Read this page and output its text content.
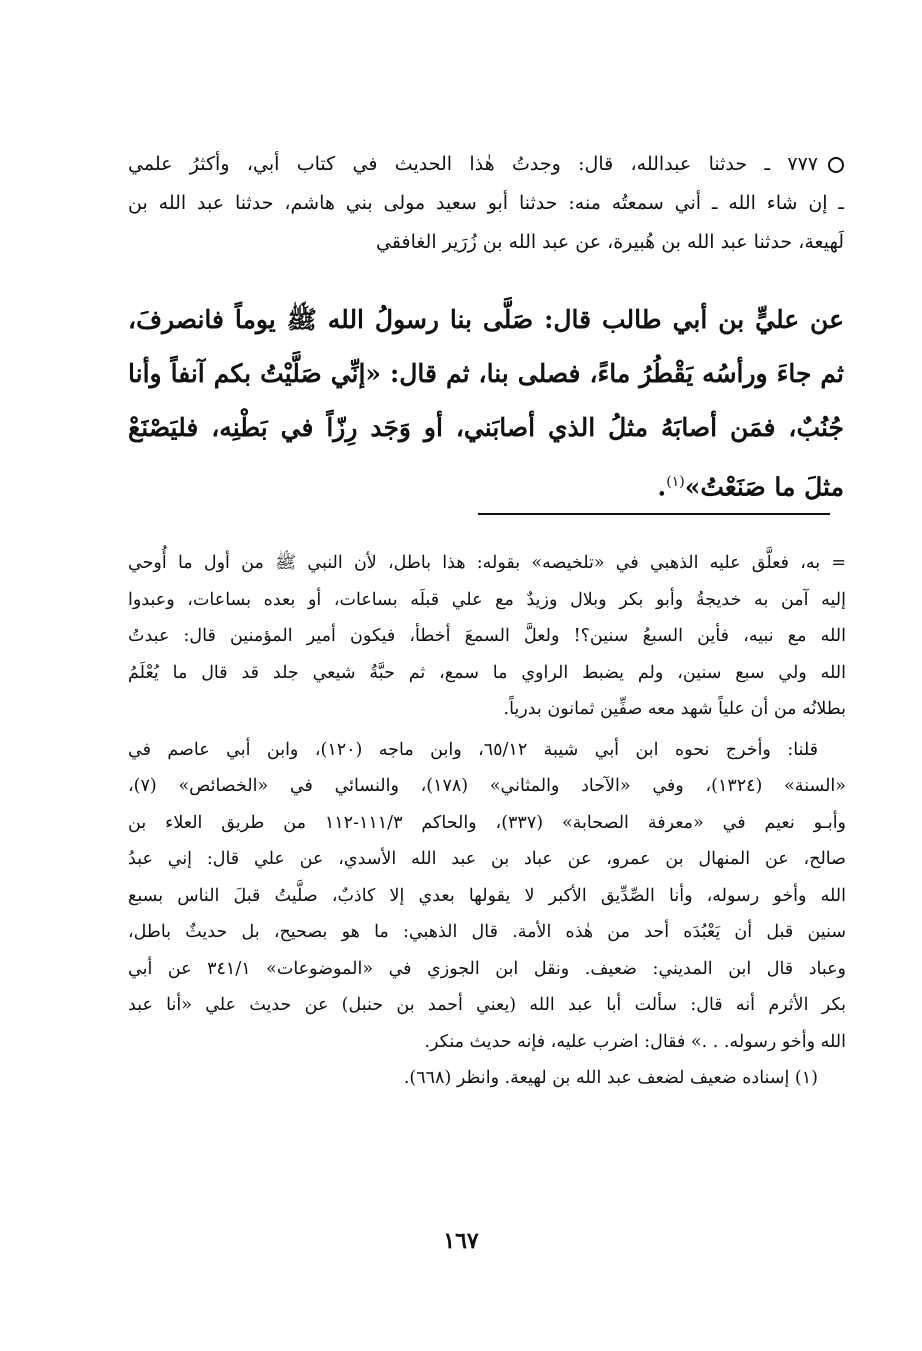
٧٧٧ ـ حدثنا عبدالله، قال: وجدتُ هٰذا الحديث في كتاب أبي، وأكثرُ علمي
ـ إن شاء الله ـ أني سمعتُه منه: حدثنا أبو سعيد مولى بني هاشم، حدثنا عبد الله بن
لَهيعة، حدثنا عبد الله بن هُبيرة، عن عبد الله بن زُرَير الغافقي
عن عليٍّ بن أبي طالب قال: صَلَّى بنا رسولُ الله ﷺ يوماً فانصرفَ،
ثم جاءَ ورأسُه يَقْطُرُ ماءً، فصلى بنا، ثم قال: «إنِّي صَلَّيْتُ بكم آنفاً وأنا
جُنُبٌ، فمَن أصابَهُ مثلُ الذي أصابَني، أو وَجَد رِزّاً في بَطْنِه، فليَصْنَعْ
مثلَ ما صَنَعْتُ»$^{(١)}$.
= به، فعلَّق عليه الذهبي في «تلخيصه» بقوله: هذا باطل، لأن النبي ﷺ من أول ما أُوحي
إليه آمن به خديجةُ وأبو بكر وبلال وزيدٌ مع علي قبلَه بساعات، أو بعده بساعات، وعبدوا
الله مع نبيه، فأين السبعُ سنين؟! ولعلَّ السمعَ أخطأ، فيكون أمير المؤمنين قال: عبدتُ
الله ولي سبع سنين، ولم يضبط الراوي ما سمع، ثم حبَّةُ شيعي جلد قد قال ما يُعْلَمُ
بطلانُه من أن علياً شهد معه صفِّين ثمانون بدرياً.
قلنا: وأخرج نحوه ابن أبي شيبة ٦٥/١٢، وابن ماجه (١٢٠)، وابن أبي عاصم في
«السنة» (١٣٢٤)، وفي «الآحاد والمثاني» (١٧٨)، والنسائي في «الخصائص» (٧)،
وأبـو نعيم في «معرفة الصحابة» (٣٣٧)، والحاكم ١١١/٣-١١٢ من طريق العلاء بن
صالح، عن المنهال بن عمرو، عن عباد بن عبد الله الأسدي، عن علي قال: إني عبدُ
الله وأخو رسوله، وأنا الصِّدِّيق الأكبر لا يقولها بعدي إلا كاذبٌ، صلَّيتُ قبلَ الناس بسبع
سنين قبل أن يَعْبُدَه أحد من هٰذه الأمة. قال الذهبي: ما هو بصحيح، بل حديثٌ باطل،
وعباد قال ابن المديني: ضعيف. ونقل ابن الجوزي في «الموضوعات» ٣٤١/١ عن أبي
بكر الأثرم أنه قال: سألت أبا عبد الله (يعني أحمد بن حنبل) عن حديث علي «أنا عبد
الله وأخو رسوله. . .» فقال: اضرب عليه، فإنه حديث منكر.
(١) إسناده ضعيف لضعف عبد الله بن لهيعة. وانظر (٦٦٨).
١٦٧
